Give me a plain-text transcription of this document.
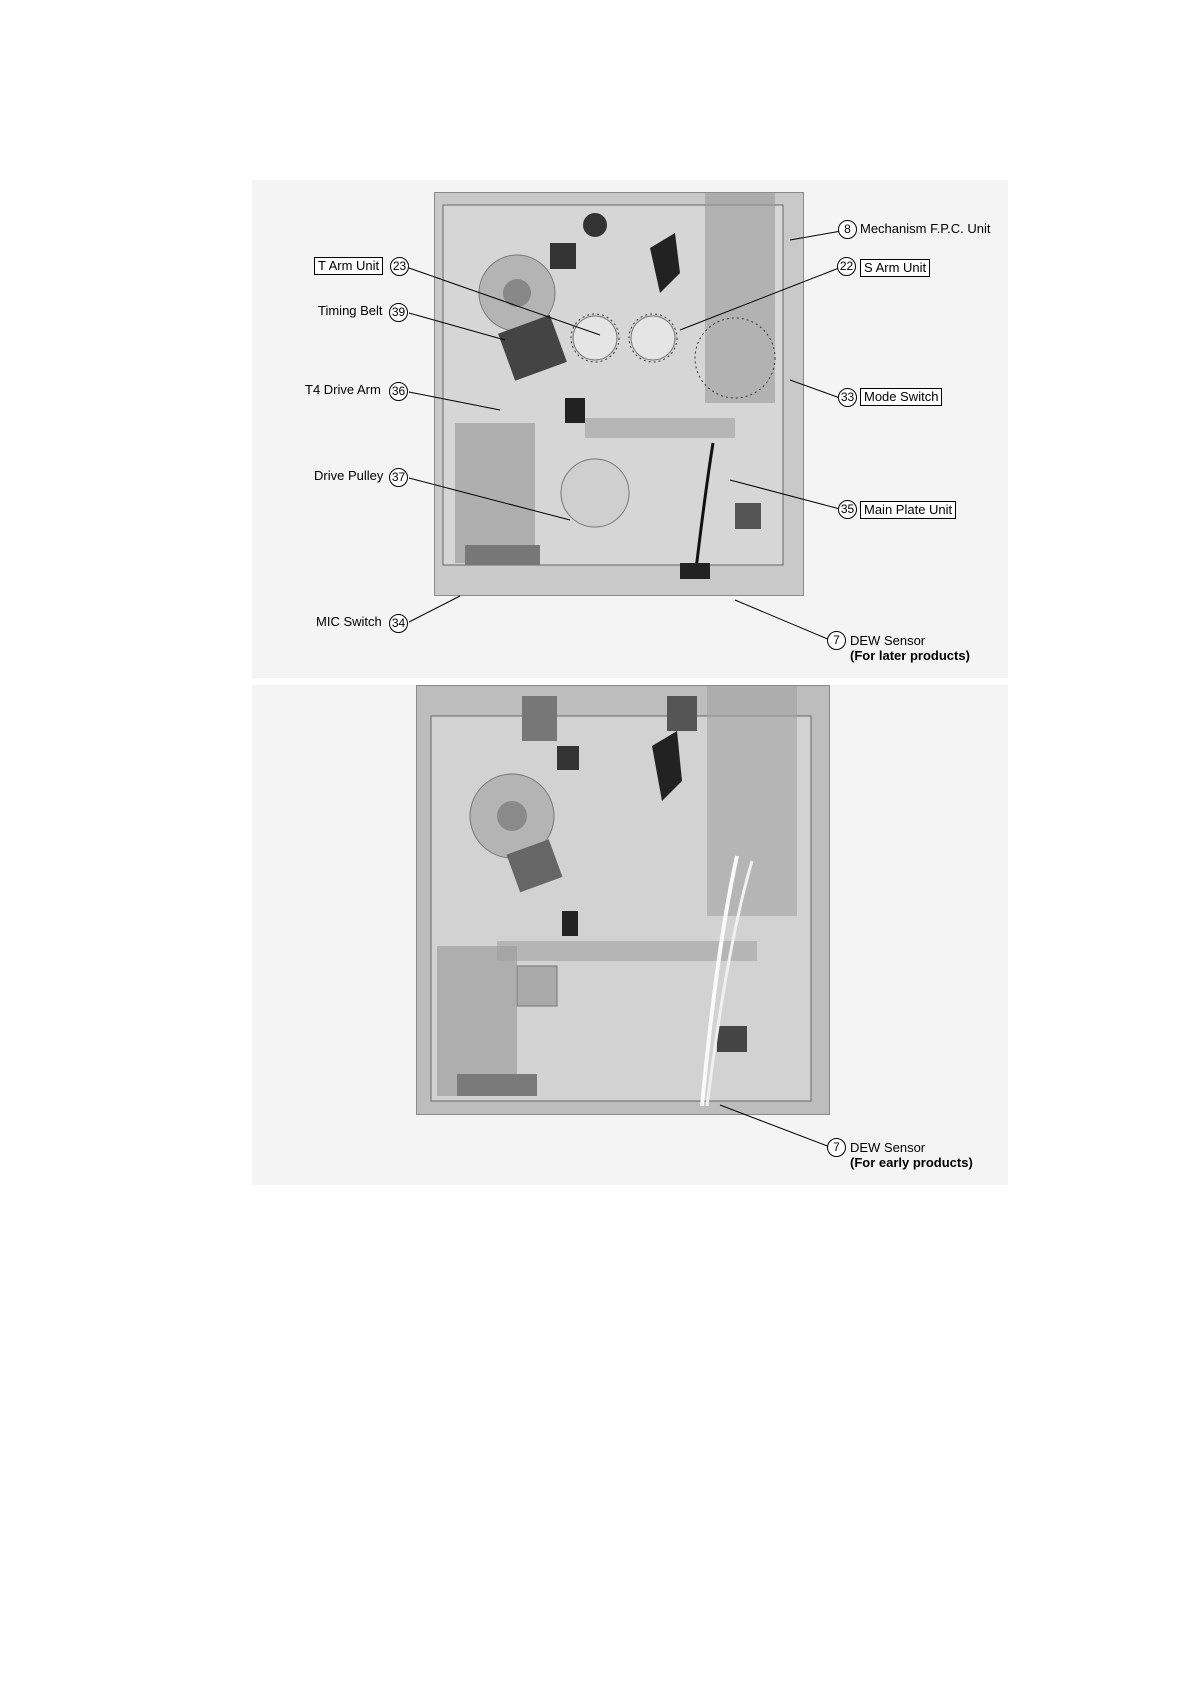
8 Mechanism F.P.C. Unit
T Arm Unit	23	22 S Arm Unit
Timing Belt 39
33 Mode Switch
T4 Drive Arm 36
Drive Pulley 37
35 Main Plate Unit
MIC Switch 34
7 DEW Sensor
(For later products)
7 DEW Sensor
(For early products)
